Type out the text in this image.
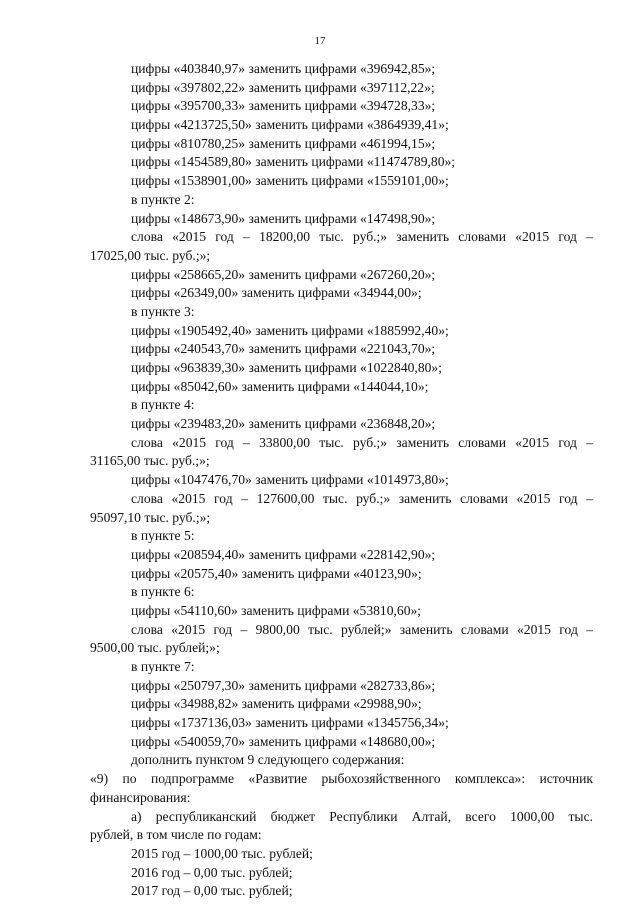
17
цифры «403840,97» заменить цифрами «396942,85»;
цифры «397802,22» заменить цифрами «397112,22»;
цифры «395700,33» заменить цифрами «394728,33»;
цифры «4213725,50» заменить цифрами «3864939,41»;
цифры «810780,25» заменить цифрами «461994,15»;
цифры «1454589,80» заменить цифрами «11474789,80»;
цифры «1538901,00» заменить цифрами «1559101,00»;
в пункте 2:
цифры «148673,90» заменить цифрами «147498,90»;
слова «2015 год – 18200,00 тыс. руб.;» заменить словами «2015 год –
17025,00 тыс. руб.;»;
цифры «258665,20» заменить цифрами «267260,20»;
цифры «26349,00» заменить цифрами «34944,00»;
в пункте 3:
цифры «1905492,40» заменить цифрами «1885992,40»;
цифры «240543,70» заменить цифрами «221043,70»;
цифры «963839,30» заменить цифрами «1022840,80»;
цифры «85042,60» заменить цифрами «144044,10»;
в пункте 4:
цифры «239483,20» заменить цифрами «236848,20»;
слова «2015 год – 33800,00 тыс. руб.;» заменить словами «2015 год –
31165,00 тыс. руб.;»;
цифры «1047476,70» заменить цифрами «1014973,80»;
слова «2015 год – 127600,00 тыс. руб.;» заменить словами «2015 год –
95097,10 тыс. руб.;»;
в пункте 5:
цифры «208594,40» заменить цифрами «228142,90»;
цифры «20575,40» заменить цифрами «40123,90»;
в пункте 6:
цифры «54110,60» заменить цифрами «53810,60»;
слова «2015 год – 9800,00 тыс. рублей;» заменить словами «2015 год –
9500,00 тыс. рублей;»;
в пункте 7:
цифры «250797,30» заменить цифрами «282733,86»;
цифры «34988,82» заменить цифрами «29988,90»;
цифры «1737136,03» заменить цифрами «1345756,34»;
цифры «540059,70» заменить цифрами «148680,00»;
дополнить пунктом 9 следующего содержания:
«9) по подпрограмме «Развитие рыбохозяйственного комплекса»: источник
финансирования:
а) республиканский бюджет Республики Алтай, всего 1000,00 тыс.
рублей, в том числе по годам:
2015 год – 1000,00 тыс. рублей;
2016 год – 0,00 тыс. рублей;
2017 год – 0,00 тыс. рублей;
